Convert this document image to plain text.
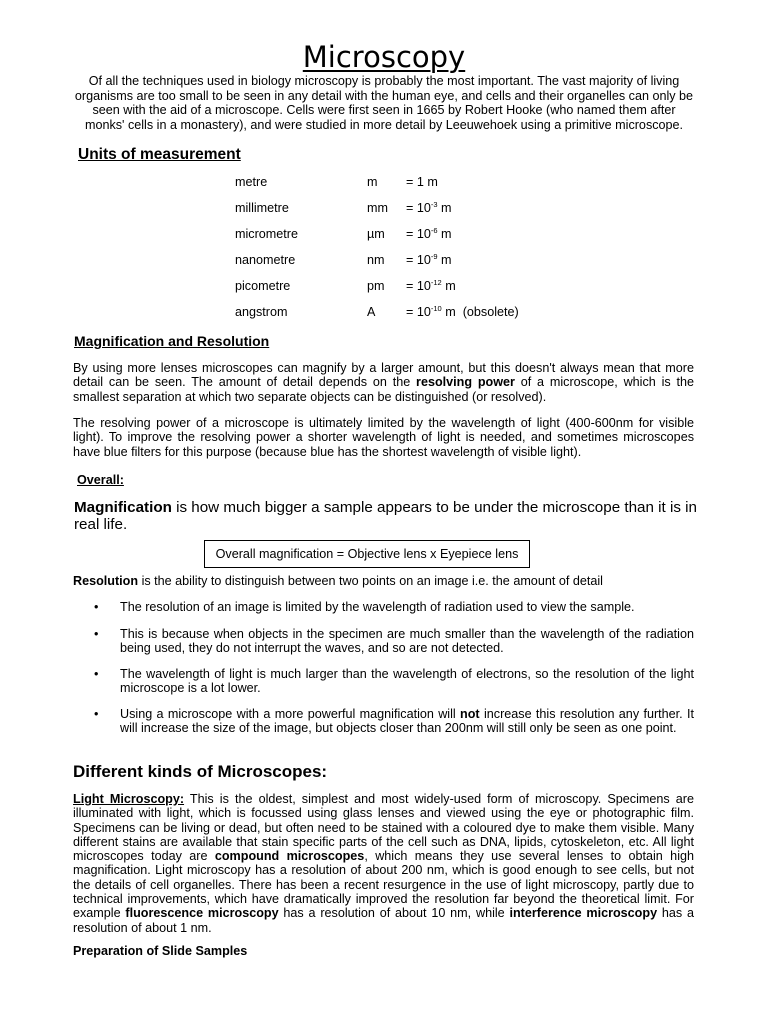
Microscopy

Of all the techniques used in biology microscopy is probably the most important. The vast majority of living organisms are too small to be seen in any detail with the human eye, and cells and their organelles can only be seen with the aid of a microscope. Cells were first seen in 1665 by Robert Hooke (who named them after monks' cells in a monastery), and were studied in more detail by Leeuwehoek using a primitive microscope.

Units of measurement
metre	m = 1 m
millimetre	mm = $10^{-3}$ m
micrometre	$\mu m = 10^{-6}$ m
nanometre	nm = $10^{-9}$ m
picometre	pm = $10^{-12}$ m
angstrom	$A = 10^{-10}$ m  (obsolete)
Magnification and Resolution

By using more lenses microscopes can magnify by a larger amount, but this doesn't always mean that more detail can be seen. The amount of detail depends on the resolving power of a microscope, which is the smallest separation at which two separate objects can be distinguished (or resolved).

The resolving power of a microscope is ultimately limited by the wavelength of light (400-600nm for visible light). To improve the resolving power a shorter wavelength of light is needed, and sometimes microscopes have blue filters for this purpose (because blue has the shortest wavelength of visible light).

Overall:

Magnification is how much bigger a sample appears to be under the microscope than it is in real life.

Overall magnification = Objective lens x Eyepiece lens

Resolution is the ability to distinguish between two points on an image i.e. the amount of detail

• The resolution of an image is limited by the wavelength of radiation used to view the sample.
• This is because when objects in the specimen are much smaller than the wavelength of the radiation being used, they do not interrupt the waves, and so are not detected.
• The wavelength of light is much larger than the wavelength of electrons, so the resolution of the light microscope is a lot lower.
• Using a microscope with a more powerful magnification will not increase this resolution any further. It will increase the size of the image, but objects closer than 200nm will still only be seen as one point.
Different kinds of Microscopes:

Light Microscopy: This is the oldest, simplest and most widely-used form of microscopy. Specimens are illuminated with light, which is focussed using glass lenses and viewed using the eye or photographic film. Specimens can be living or dead, but often need to be stained with a coloured dye to make them visible. Many different stains are available that stain specific parts of the cell such as DNA, lipids, cytoskeleton, etc. All light microscopes today are compound microscopes, which means they use several lenses to obtain high magnification. Light microscopy has a resolution of about 200 nm, which is good enough to see cells, but not the details of cell organelles. There has been a recent resurgence in the use of light microscopy, partly due to technical improvements, which have dramatically improved the resolution far beyond the theoretical limit. For example fluorescence microscopy has a resolution of about 10 nm, while interference microscopy has a resolution of about 1 nm.

Preparation of Slide Samples
